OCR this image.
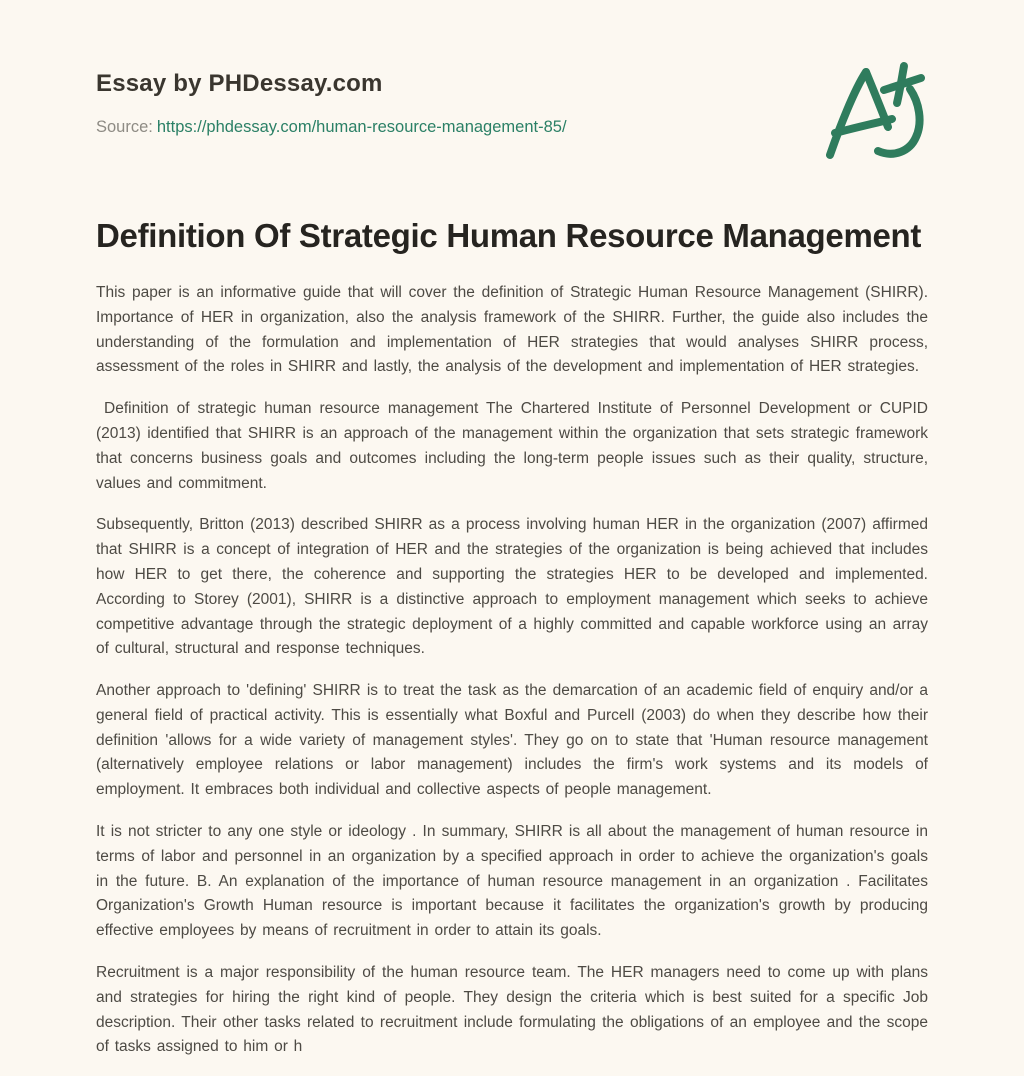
Essay by PHDessay.com
Source: https://phdessay.com/human-resource-management-85/
Definition Of Strategic Human Resource Management

This paper is an informative guide that will cover the definition of Strategic Human Resource Management (SHIRR). Importance of HER in organization, also the analysis framework of the SHIRR. Further, the guide also includes the understanding of the formulation and implementation of HER strategies that would analyses SHIRR process, assessment of the roles in SHIRR and lastly, the analysis of the development and implementation of HER strategies.

Definition of strategic human resource management The Chartered Institute of Personnel Development or CUPID (2013) identified that SHIRR is an approach of the management within the organization that sets strategic framework that concerns business goals and outcomes including the long-term people issues such as their quality, structure, values and commitment.

Subsequently, Britton (2013) described SHIRR as a process involving human HER in the organization (2007) affirmed that SHIRR is a concept of integration of HER and the strategies of the organization is being achieved that includes how HER to get there, the coherence and supporting the strategies HER to be developed and implemented. According to Storey (2001), SHIRR is a distinctive approach to employment management which seeks to achieve competitive advantage through the strategic deployment of a highly committed and capable workforce using an array of cultural, structural and response techniques.

Another approach to 'defining' SHIRR is to treat the task as the demarcation of an academic field of enquiry and/or a general field of practical activity. This is essentially what Boxful and Purcell (2003) do when they describe how their definition 'allows for a wide variety of management styles'. They go on to state that 'Human resource management (alternatively employee relations or labor management) includes the firm's work systems and its models of employment. It embraces both individual and collective aspects of people management.

It is not stricter to any one style or ideology . In summary, SHIRR is all about the management of human resource in terms of labor and personnel in an organization by a specified approach in order to achieve the organization's goals in the future. B. An explanation of the importance of human resource management in an organization . Facilitates Organization's Growth Human resource is important because it facilitates the organization's growth by producing effective employees by means of recruitment in order to attain its goals.

Recruitment is a major responsibility of the human resource team. The HER managers need to come up with plans and strategies for hiring the right kind of people. They design the criteria which is best suited for a specific Job description. Their other tasks related to recruitment include formulating the obligations of an employee and the scope of tasks assigned to him or h
